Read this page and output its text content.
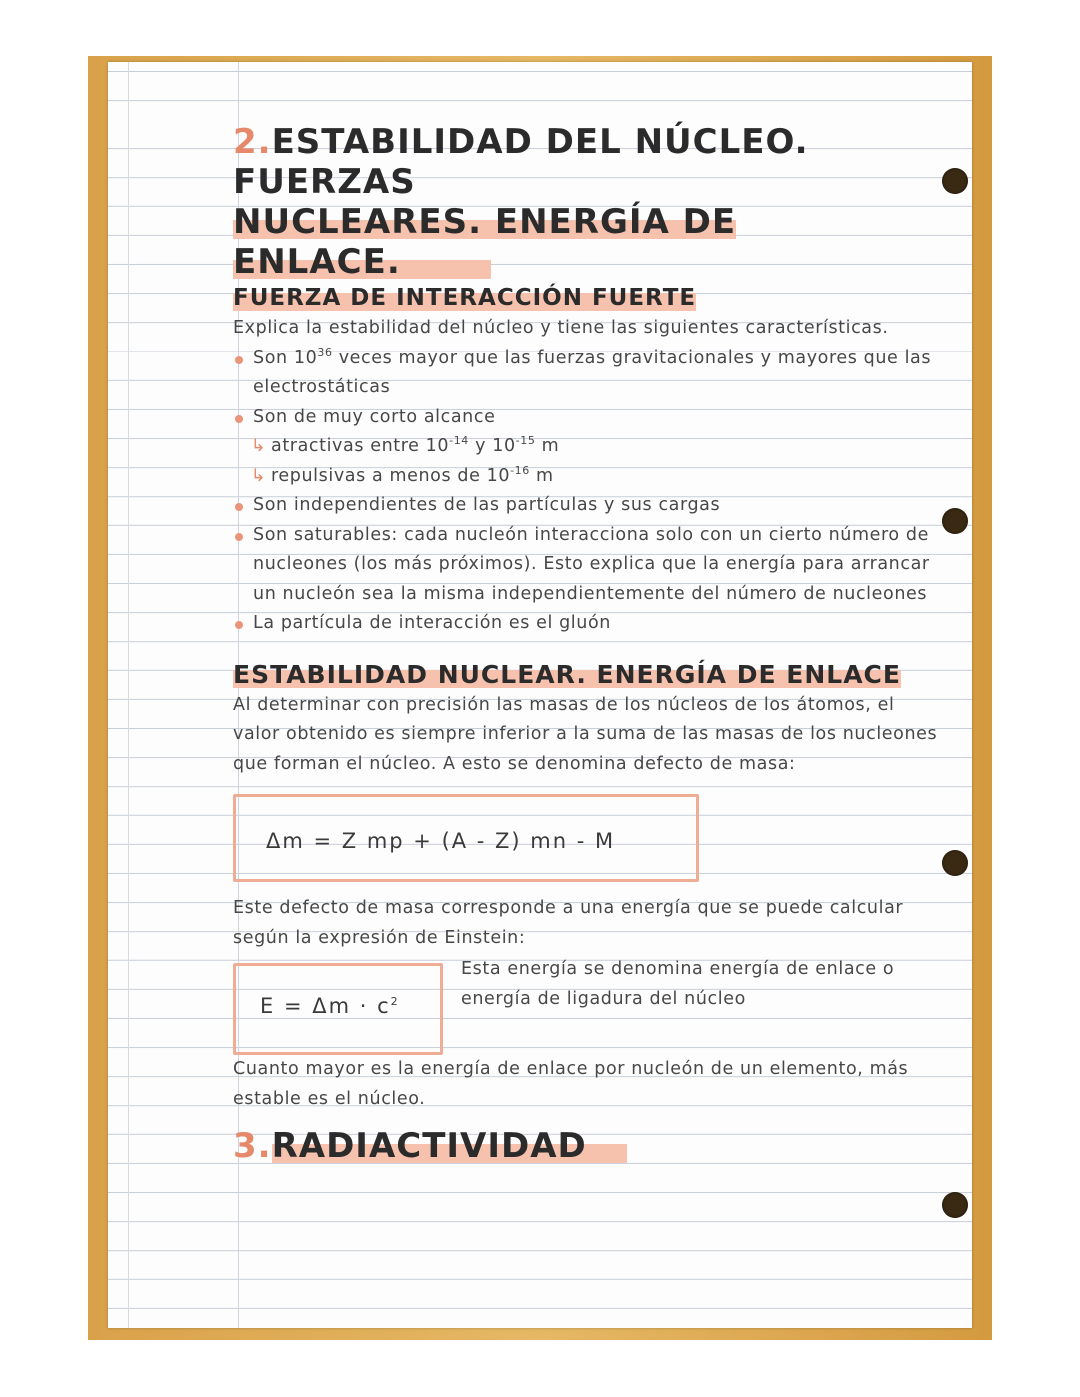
2.ESTABILIDAD DEL NÚCLEO. FUERZAS
NUCLEARES. ENERGÍA DE ENLACE.
FUERZA DE INTERACCIÓN FUERTE

Explica la estabilidad del núcleo y tiene las siguientes características.

Son $10^{36}$ veces mayor que las fuerzas gravitacionales y mayores que las electrostáticas

Son de muy corto alcance

↳ atractivas entre $10^{-14}$ y $10^{-15}$ m

↳ repulsivas a menos de $10^{-16}$ m

Son independientes de las partículas y sus cargas

Son saturables: cada nucleón interacciona solo con un cierto número de nucleones (los más próximos). Esto explica que la energía para arrancar un nucleón sea la misma independientemente del número de nucleones

La partícula de interacción es el gluón

ESTABILIDAD NUCLEAR. ENERGÍA DE ENLACE

Al determinar con precisión las masas de los núcleos de los átomos, el valor obtenido es siempre inferior a la suma de las masas de los nucleones que forman el núcleo. A esto se denomina defecto de masa:

Δm = Z mp + (A - Z) mn - M

Este defecto de masa corresponde a una energía que se puede calcular según la expresión de Einstein:

$E = \Delta m \cdot c^2$

Esta energía se denomina energía de enlace o energía de ligadura del núcleo

Cuanto mayor es la energía de enlace por nucleón de un elemento, más estable es el núcleo.

3.RADIACTIVIDAD
